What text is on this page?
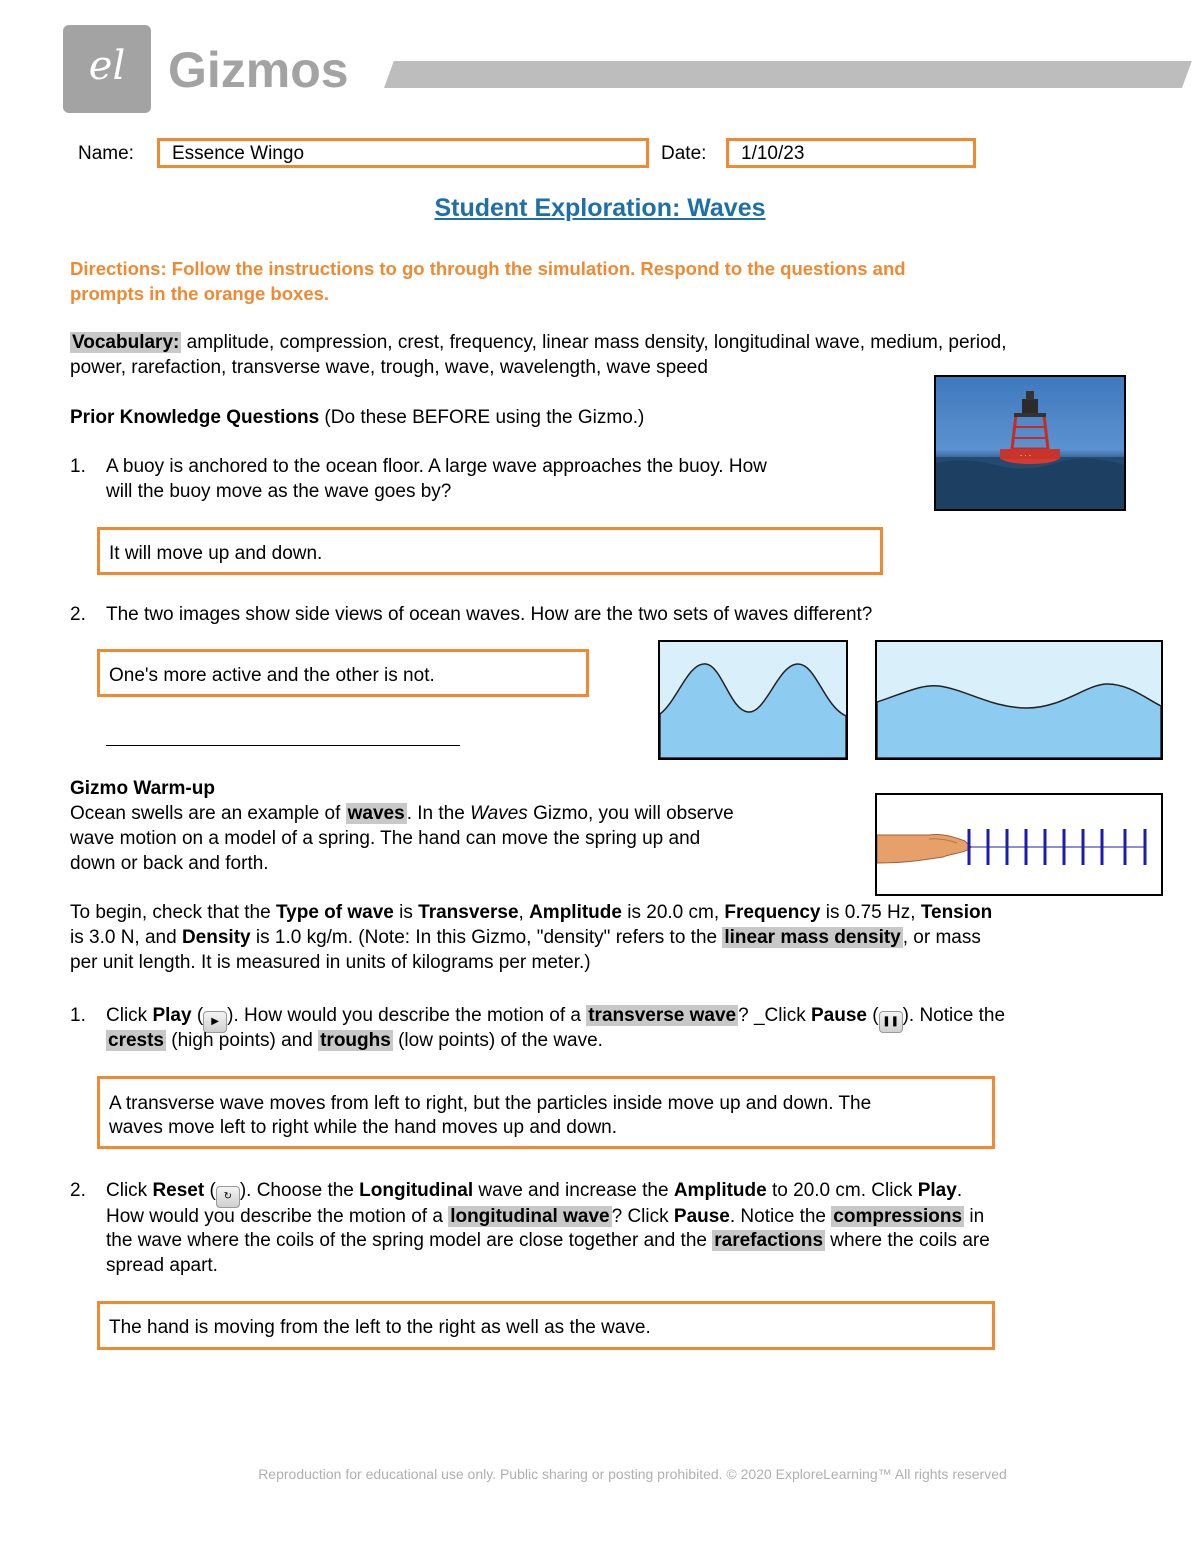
el Gizmos
Name: Essence Wingo	Date: 1/10/23
Student Exploration: Waves
Directions: Follow the instructions to go through the simulation. Respond to the questions and
prompts in the orange boxes.
Vocabulary: amplitude, compression, crest, frequency, linear mass density, longitudinal wave, medium, period,
power, rarefaction, transverse wave, trough, wave, wavelength, wave speed
· · ·
Prior Knowledge Questions (Do these BEFORE using the Gizmo.)
1. A buoy is anchored to the ocean floor. A large wave approaches the buoy. How
will the buoy move as the wave goes by?
It will move up and down.
2. The two images show side views of ocean waves. How are the two sets of waves different?
One's more active and the other is not.
Gizmo Warm-up
Ocean swells are an example of waves . In the Waves Gizmo, you will observe
wave motion on a model of a spring. The hand can move the spring up and
down or back and forth.
To begin, check that the Type of wave is Transverse, Amplitude is 20.0 cm, Frequency is 0.75 Hz, Tension
is 3.0 N, and Density is 1.0 kg/m. (Note: In this Gizmo, "density" refers to the linear mass density , or mass
per unit length. It is measured in units of kilograms per meter.)
1. Click Play ( ▶ ). How would you describe the motion of a transverse wave ? _Click Pause ( ❚❚ ). Notice the
crests (high points) and troughs (low points) of the wave.
A transverse wave moves from left to right, but the particles inside move up and down. The
waves move left to right while the hand moves up and down.
2. Click Reset ( ↻ ). Choose the Longitudinal wave and increase the Amplitude to 20.0 cm. Click Play.
How would you describe the motion of a longitudinal wave ? Click Pause. Notice the compressions in
the wave where the coils of the spring model are close together and the rarefactions where the coils are
spread apart.
The hand is moving from the left to the right as well as the wave.
Reproduction for educational use only. Public sharing or posting prohibited. © 2020 ExploreLearning™ All rights reserved
